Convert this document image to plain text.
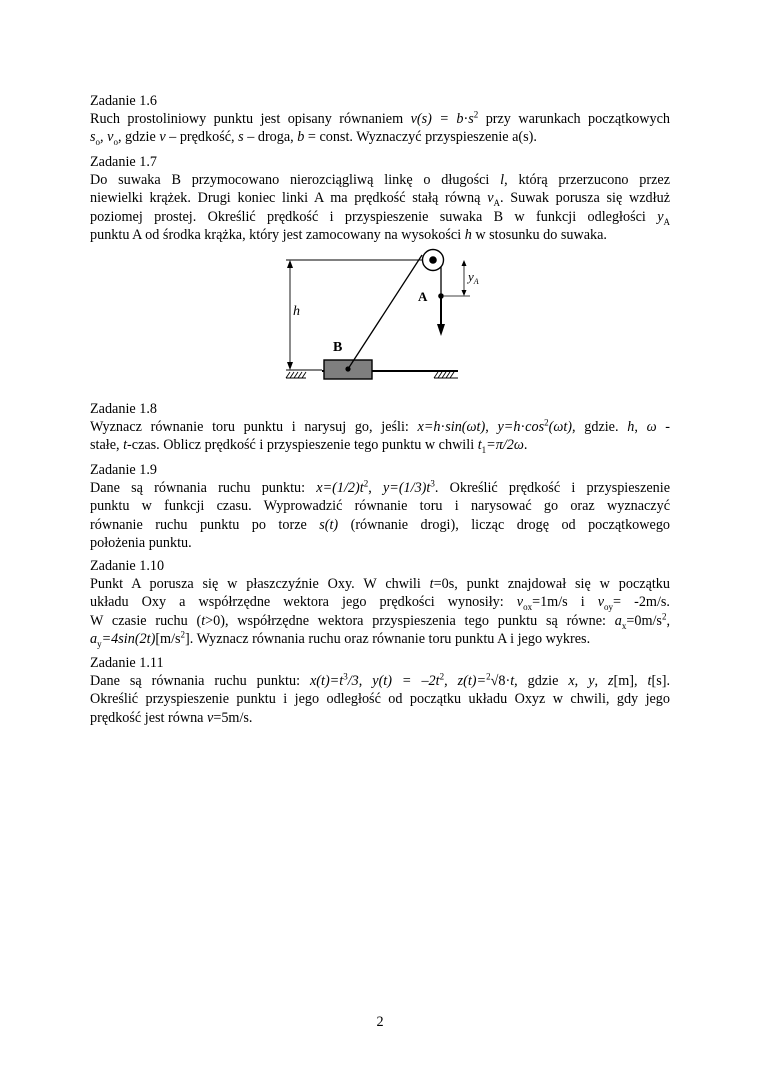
Zadanie 1.6

Ruch prostoliniowy punktu jest opisany równaniem $v(s) = b\cdot s^2$ przy warunkach początkowych

$s_o$, $v_o$, gdzie v – prędkość, s – droga, b = const. Wyznaczyć przyspieszenie a(s).

Zadanie 1.7

Do suwaka B przymocowano nierozciągliwą linkę o długości l, którą przerzucono przez

niewielki krążek. Drugi koniec linki A ma prędkość stałą równą $v_A$. Suwak porusza się wzdłuż

poziomej prostej. Określić prędkość i przyspieszenie suwaka B w funkcji odległości $y_A$

punktu A od środka krążka, który jest zamocowany na wysokości h w stosunku do suwaka.

h
B
A
$y_A$

Zadanie 1.8

Wyznacz równanie toru punktu i narysuj go, jeśli: x=h·sin(ωt), $y=h\cdot\cos^2(\omega t)$, gdzie. h, ω -

stałe, t-czas. Oblicz prędkość i przyspieszenie tego punktu w chwili $t_1=\pi/2\omega$.

Zadanie 1.9

Dane są równania ruchu punktu: $x=(1/2)t^2$, $y=(1/3)t^3$. Określić prędkość i przyspieszenie

punktu w funkcji czasu. Wyprowadzić równanie toru i narysować go oraz wyznaczyć

równanie ruchu punktu po torze s(t) (równanie drogi), licząc drogę od początkowego

położenia punktu.

Zadanie 1.10

Punkt A porusza się w płaszczyźnie Oxy. W chwili t=0s, punkt znajdował się w początku

układu Oxy a współrzędne wektora jego prędkości wynosiły: $v_{ox}=1m/s$ i $v_{oy}= -2m/s$.

W czasie ruchu (t>0), współrzędne wektora przyspieszenia tego punktu są równe: $a_x=0m/s^2$,

$a_y=4\sin(2t)[m/s^2]$. Wyznacz równania ruchu oraz równanie toru punktu A i jego wykres.

Zadanie 1.11

Dane są równania ruchu punktu: $x(t)=t^3/3$, $y(t) = -2t^2$, z(t)=$^2$√8·t, gdzie x, y, z[m], t[s].

Określić przyspieszenie punktu i jego odległość od początku układu Oxyz w chwili, gdy jego

prędkość jest równa v=5m/s.

2
